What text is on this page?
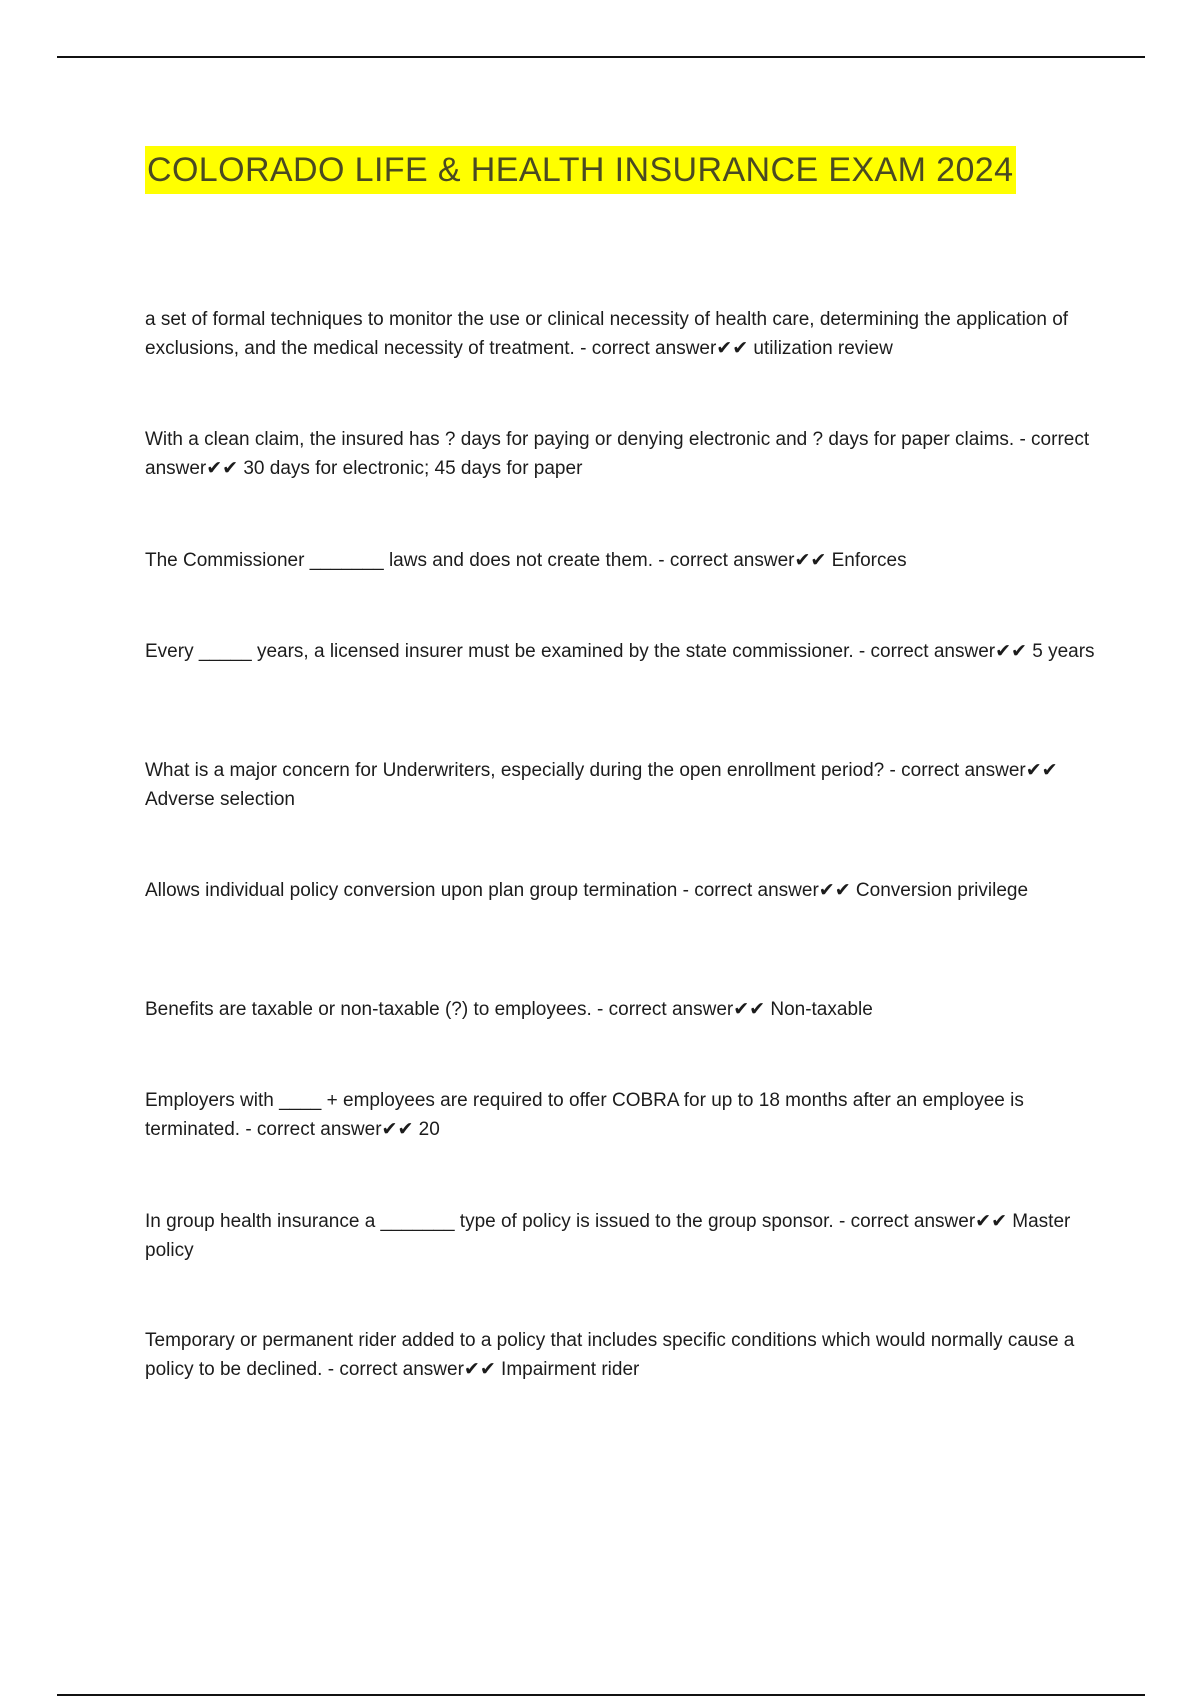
COLORADO LIFE & HEALTH INSURANCE EXAM 2024

a set of formal techniques to monitor the use or clinical necessity of health care, determining the application of exclusions, and the medical necessity of treatment. - correct answer✔✔ utilization review

With a clean claim, the insured has ? days for paying or denying electronic and ? days for paper claims. - correct answer✔✔ 30 days for electronic; 45 days for paper

The Commissioner _______ laws and does not create them. - correct answer✔✔ Enforces

Every _____ years, a licensed insurer must be examined by the state commissioner. - correct answer✔✔ 5 years

What is a major concern for Underwriters, especially during the open enrollment period? - correct answer✔✔ Adverse selection

Allows individual policy conversion upon plan group termination - correct answer✔✔ Conversion privilege

Benefits are taxable or non-taxable (?) to employees. - correct answer✔✔ Non-taxable

Employers with ____ + employees are required to offer COBRA for up to 18 months after an employee is terminated. - correct answer✔✔ 20

In group health insurance a _______ type of policy is issued to the group sponsor. - correct answer✔✔ Master policy

Temporary or permanent rider added to a policy that includes specific conditions which would normally cause a policy to be declined. - correct answer✔✔ Impairment rider
